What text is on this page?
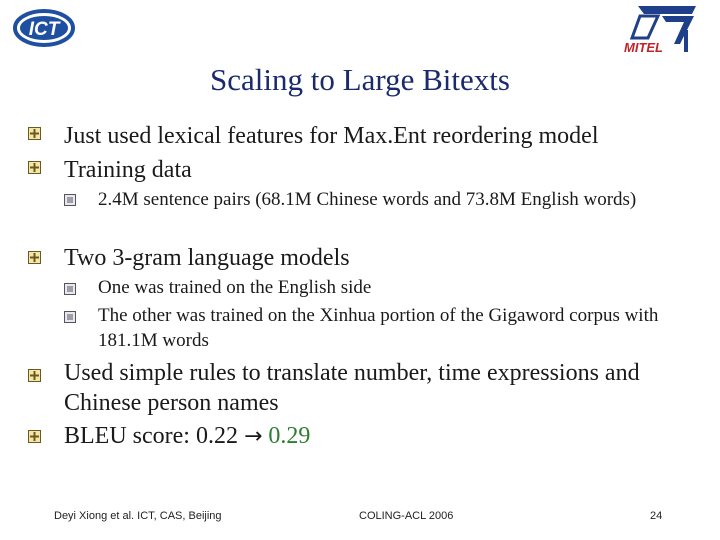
ICT
MITEL
Scaling to Large Bitexts
Just used lexical features for Max.Ent reordering model
Training data
2.4M sentence pairs (68.1M Chinese words and 73.8M English words)
Two 3-gram language models
One was trained on the English side
The other was trained on the Xinhua portion of the Gigaword corpus with 181.1M words
Used simple rules to translate number, time expressions and Chinese person names
BLEU score: 0.22 → 0.29
Deyi Xiong et al. ICT, CAS, Beijing	COLING-ACL 2006	24
